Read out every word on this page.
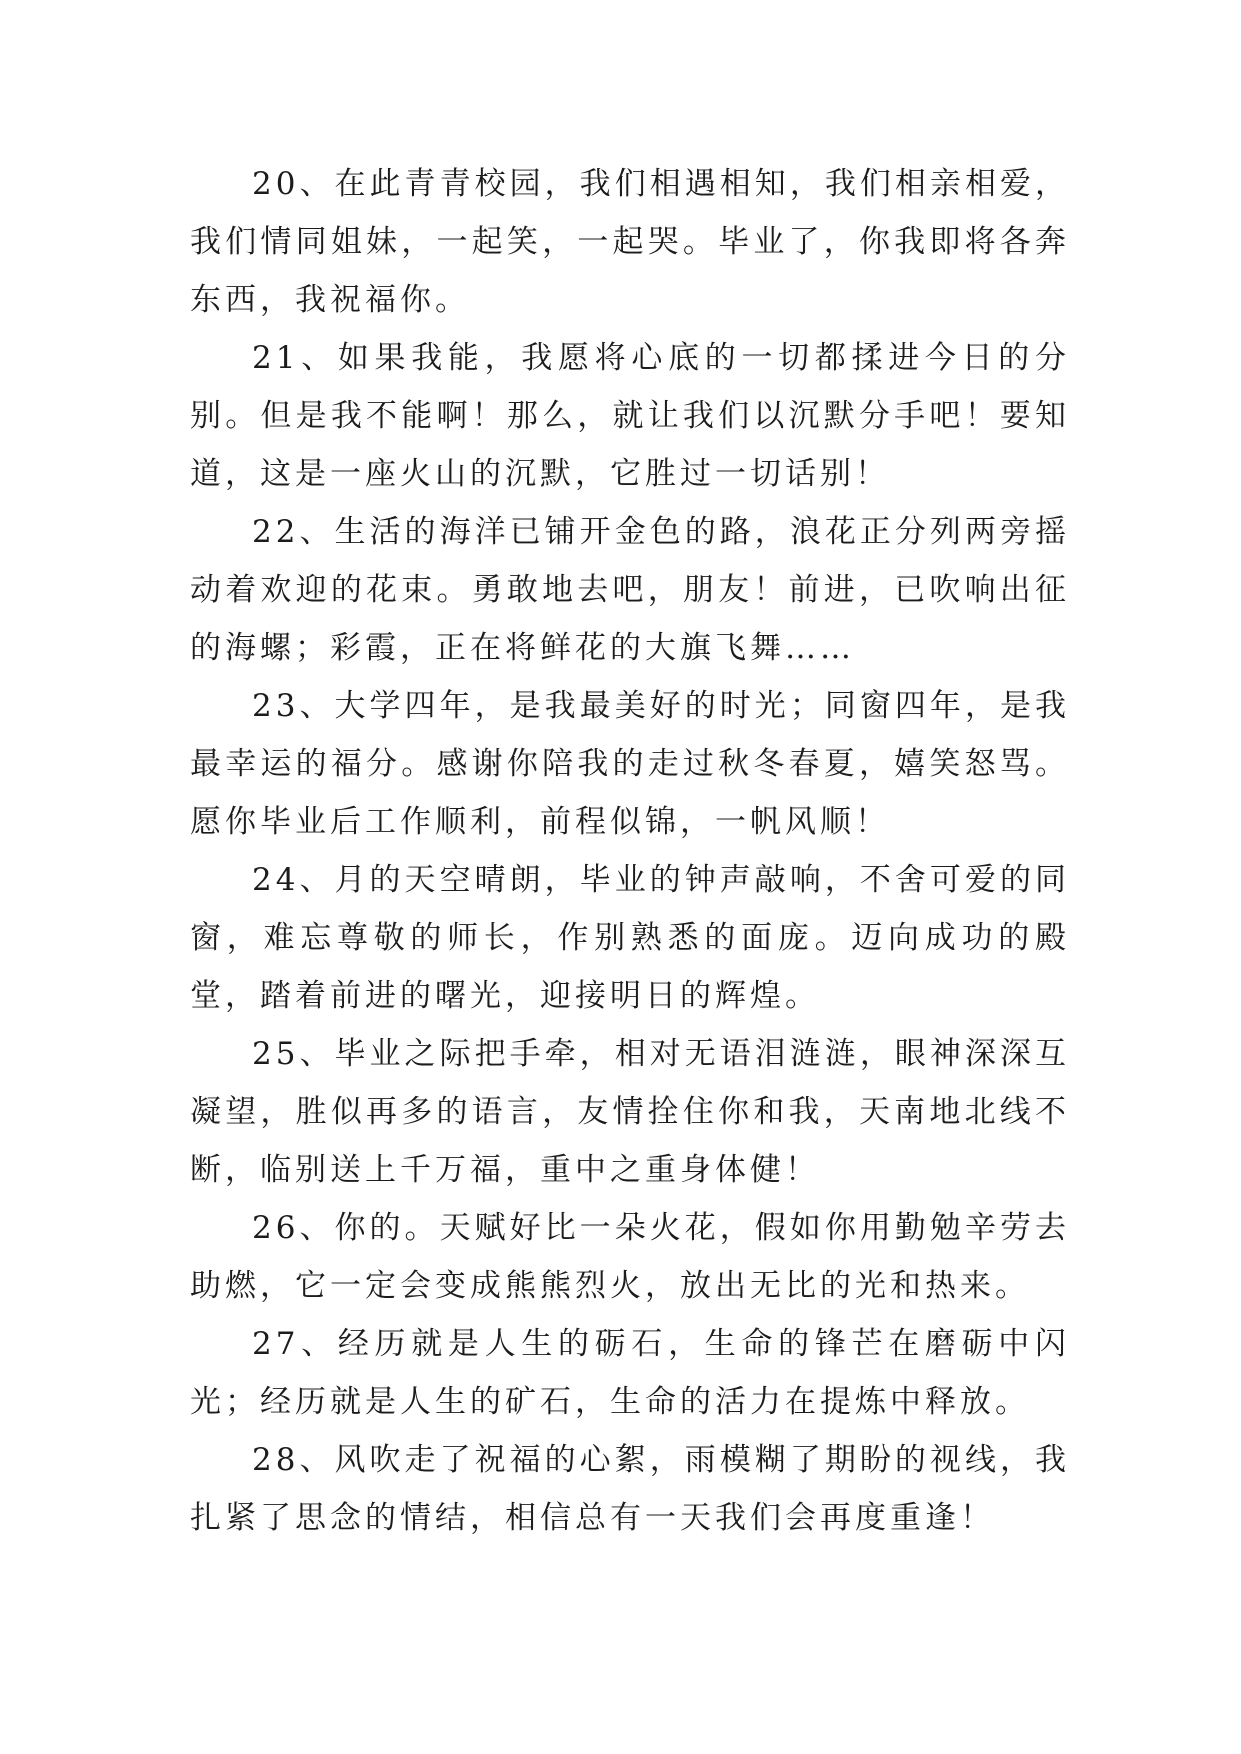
20、在此青青校园，我们相遇相知，我们相亲相爱，我们情同姐妹，一起笑，一起哭。毕业了，你我即将各奔东西，我祝福你。

21、如果我能，我愿将心底的一切都揉进今日的分别。但是我不能啊！那么，就让我们以沉默分手吧！要知道，这是一座火山的沉默，它胜过一切话别！

22、生活的海洋已铺开金色的路，浪花正分列两旁摇动着欢迎的花束。勇敢地去吧，朋友！前进，已吹响出征的海螺；彩霞，正在将鲜花的大旗飞舞……

23、大学四年，是我最美好的时光；同窗四年，是我最幸运的福分。感谢你陪我的走过秋冬春夏，嬉笑怒骂。愿你毕业后工作顺利，前程似锦，一帆风顺！

24、月的天空晴朗，毕业的钟声敲响，不舍可爱的同窗，难忘尊敬的师长，作别熟悉的面庞。迈向成功的殿堂，踏着前进的曙光，迎接明日的辉煌。

25、毕业之际把手牵，相对无语泪涟涟，眼神深深互凝望，胜似再多的语言，友情拴住你和我，天南地北线不断，临别送上千万福，重中之重身体健！

26、你的。天赋好比一朵火花，假如你用勤勉辛劳去助燃，它一定会变成熊熊烈火，放出无比的光和热来。

27、经历就是人生的砺石，生命的锋芒在磨砺中闪光；经历就是人生的矿石，生命的活力在提炼中释放。

28、风吹走了祝福的心絮，雨模糊了期盼的视线，我扎紧了思念的情结，相信总有一天我们会再度重逢！
